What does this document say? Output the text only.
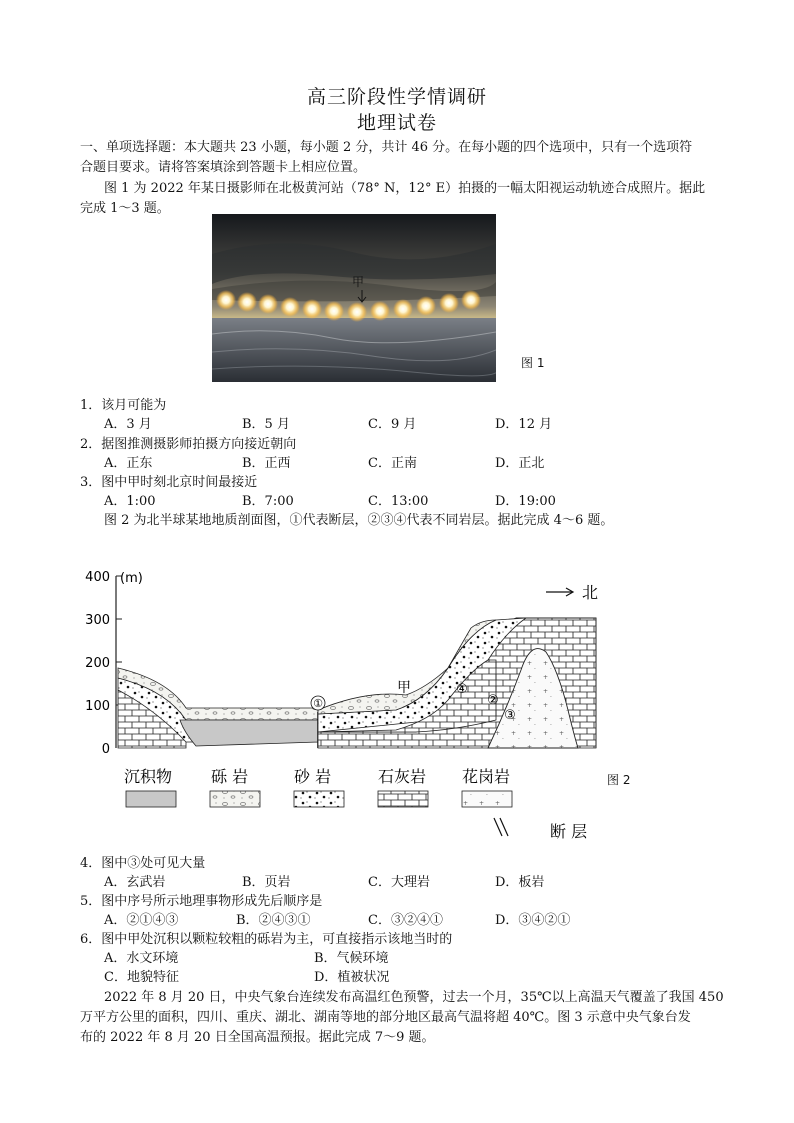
高三阶段性学情调研
地理试卷
一、单项选择题：本大题共 23 小题，每小题 2 分，共计 46 分。在每小题的四个选项中，只有一个选项符
合题目要求。请将答案填涂到答题卡上相应位置。
图 1 为 2022 年某日摄影师在北极黄河站（78° N，12° E）拍摄的一幅太阳视运动轨迹合成照片。据此
完成 1～3 题。
甲
图 1
1．该月可能为
A．3 月	B．5 月	C．9 月	D．12 月
2．据图推测摄影师拍摄方向接近朝向
A．正东	B．正西	C．正南	D．正北
3．图中甲时刻北京时间最接近
A．1:00	B．7:00	C．13:00	D．19:00
图 2 为北半球某地地质剖面图，①代表断层，②③④代表不同岩层。据此完成 4～6 题。
400
300
200
100
0
(m)
①	②
③
④
甲
北
沉积物 砾 岩	砂 岩	石灰岩 花岗岩
断 层
图 2
4．图中③处可见大量
A．玄武岩	B．页岩	C．大理岩	D．板岩
5．图中序号所示地理事物形成先后顺序是
A．②①④③	B．②④③①	C．③②④①	D．③④②①
6．图中甲处沉积以颗粒较粗的砾岩为主，可直接指示该地当时的
A．水文环境	B．气候环境
C．地貌特征	D．植被状况
2022 年 8 月 20 日，中央气象台连续发布高温红色预警，过去一个月，35℃以上高温天气覆盖了我国 450
万平方公里的面积，四川、重庆、湖北、湖南等地的部分地区最高气温将超 40℃。图 3 示意中央气象台发
布的 2022 年 8 月 20 日全国高温预报。据此完成 7～9 题。
